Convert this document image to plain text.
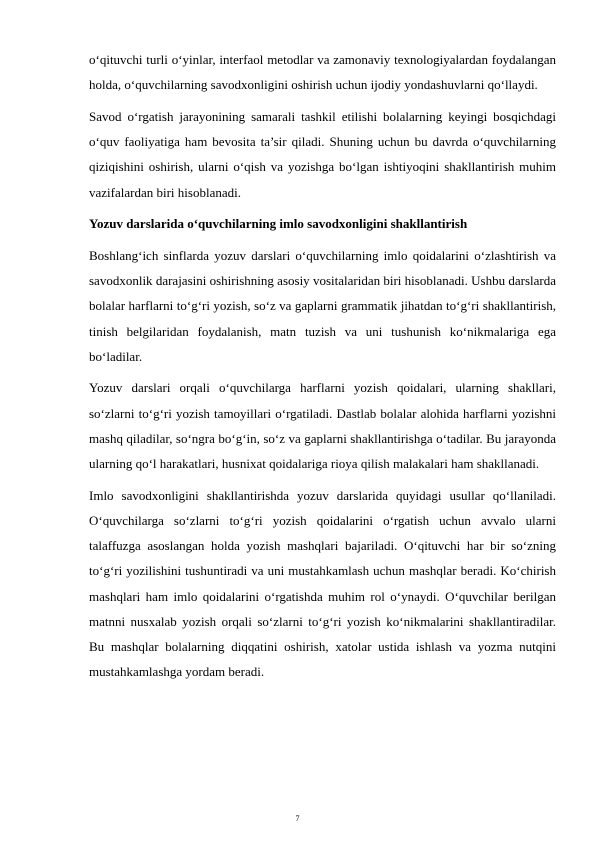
o‘qituvchi turli o‘yinlar, interfaol metodlar va zamonaviy texnologiyalardan foydalangan holda, o‘quvchilarning savodxonligini oshirish uchun ijodiy yondashuvlarni qo‘llaydi.

Savod o‘rgatish jarayonining samarali tashkil etilishi bolalarning keyingi bosqichdagi o‘quv faoliyatiga ham bevosita ta’sir qiladi. Shuning uchun bu davrda o‘quvchilarning qiziqishini oshirish, ularni o‘qish va yozishga bo‘lgan ishtiyoqini shakllantirish muhim vazifalardan biri hisoblanadi.

Yozuv darslarida o‘quvchilarning imlo savodxonligini shakllantirish

Boshlang‘ich sinflarda yozuv darslari o‘quvchilarning imlo qoidalarini o‘zlashtirish va savodxonlik darajasini oshirishning asosiy vositalaridan biri hisoblanadi. Ushbu darslarda bolalar harflarni to‘g‘ri yozish, so‘z va gaplarni grammatik jihatdan to‘g‘ri shakllantirish, tinish belgilaridan foydalanish, matn tuzish va uni tushunish ko‘nikmalariga ega bo‘ladilar.

Yozuv darslari orqali o‘quvchilarga harflarni yozish qoidalari, ularning shakllari, so‘zlarni to‘g‘ri yozish tamoyillari o‘rgatiladi. Dastlab bolalar alohida harflarni yozishni mashq qiladilar, so‘ngra bo‘g‘in, so‘z va gaplarni shakllantirishga o‘tadilar. Bu jarayonda ularning qo‘l harakatlari, husnixat qoidalariga rioya qilish malakalari ham shakllanadi.

Imlo savodxonligini shakllantirishda yozuv darslarida quyidagi usullar qo‘llaniladi. O‘quvchilarga so‘zlarni to‘g‘ri yozish qoidalarini o‘rgatish uchun avvalo ularni talaffuzga asoslangan holda yozish mashqlari bajariladi. O‘qituvchi har bir so‘zning to‘g‘ri yozilishini tushuntiradi va uni mustahkamlash uchun mashqlar beradi. Ko‘chirish mashqlari ham imlo qoidalarini o‘rgatishda muhim rol o‘ynaydi. O‘quvchilar berilgan matnni nusxalab yozish orqali so‘zlarni to‘g‘ri yozish ko‘nikmalarini shakllantiradilar. Bu mashqlar bolalarning diqqatini oshirish, xatolar ustida ishlash va yozma nutqini mustahkamlashga yordam beradi.

7
